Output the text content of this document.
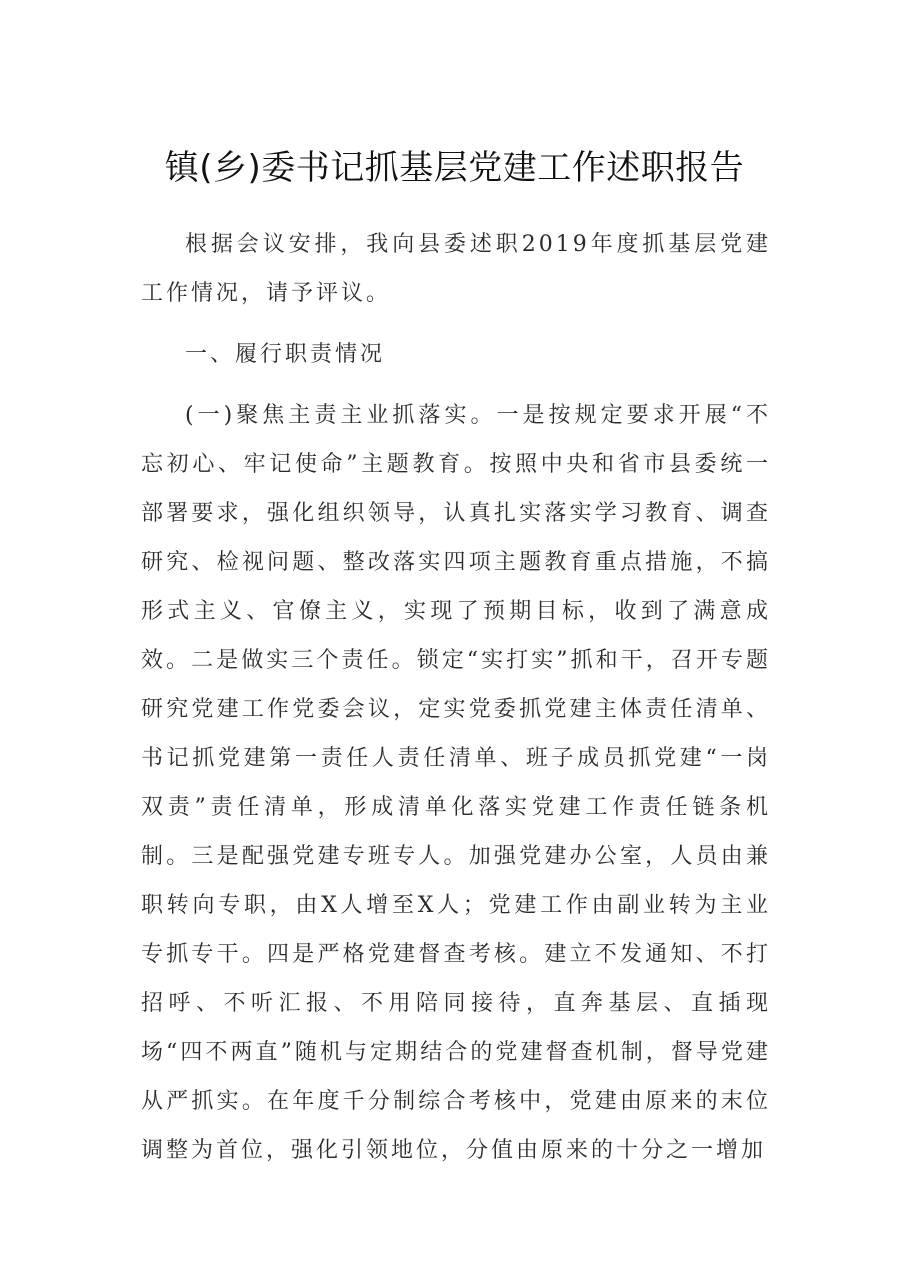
镇(乡)委书记抓基层党建工作述职报告

根据会议安排，我向县委述职2019年度抓基层党建工作情况，请予评议。

一、履行职责情况

(一)聚焦主责主业抓落实。一是按规定要求开展“不忘初心、牢记使命”主题教育。按照中央和省市县委统一部署要求，强化组织领导，认真扎实落实学习教育、调查研究、检视问题、整改落实四项主题教育重点措施，不搞形式主义、官僚主义，实现了预期目标，收到了满意成效。二是做实三个责任。锁定“实打实”抓和干，召开专题研究党建工作党委会议，定实党委抓党建主体责任清单、书记抓党建第一责任人责任清单、班子成员抓党建“一岗双责”责任清单，形成清单化落实党建工作责任链条机制。三是配强党建专班专人。加强党建办公室，人员由兼职转向专职，由X人增至X人；党建工作由副业转为主业专抓专干。四是严格党建督查考核。建立不发通知、不打招呼、不听汇报、不用陪同接待，直奔基层、直插现场“四不两直”随机与定期结合的党建督查机制，督导党建从严抓实。在年度千分制综合考核中，党建由原来的末位调整为首位，强化引领地位，分值由原来的十分之一增加
